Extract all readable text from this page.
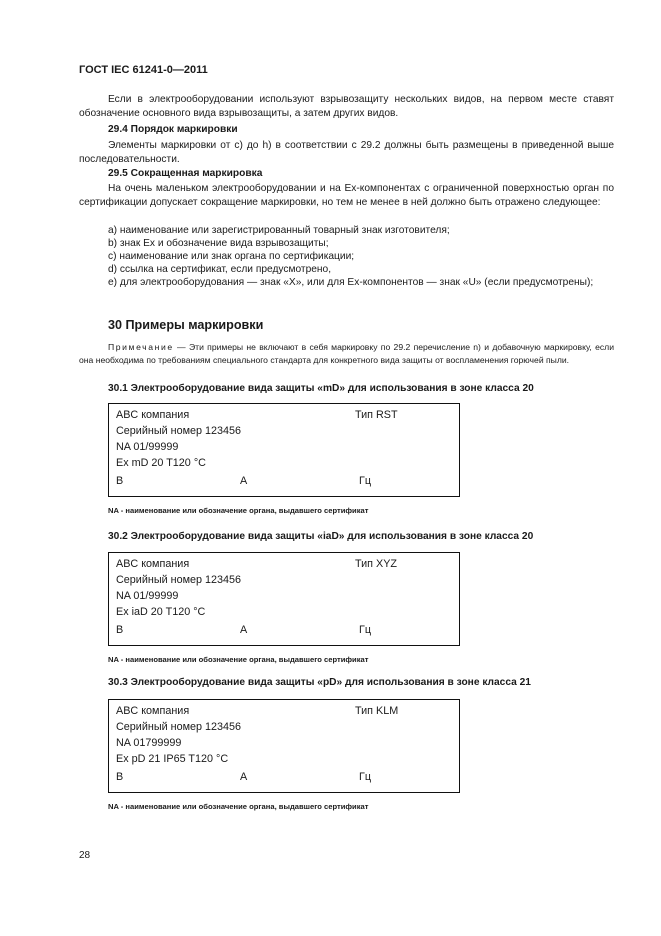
ГОСТ IEC 61241-0—2011
Если в электрооборудовании используют взрывозащиту нескольких видов, на первом месте ставят обозначение основного вида взрывозащиты, а затем других видов.
29.4 Порядок маркировки
Элементы маркировки от c) до h) в соответствии с 29.2 должны быть размещены в приведенной выше последовательности.
29.5 Сокращенная маркировка
На очень маленьком электрооборудовании и на Ex-компонентах с ограниченной поверхностью орган по сертификации допускает сокращение маркировки, но тем не менее в ней должно быть отражено следующее:
a) наименование или зарегистрированный товарный знак изготовителя;
b) знак Ex и обозначение вида взрывозащиты;
c) наименование или знак органа по сертификации;
d) ссылка на сертификат, если предусмотрено,
e) для электрооборудования — знак «X», или для Ex-компонентов — знак «U» (если предусмотрены);
30 Примеры маркировки
Примечание — Эти примеры не включают в себя маркировку по 29.2 перечисление n) и добавочную маркировку, если она необходима по требованиям специального стандарта для конкретного вида защиты от воспламенения горючей пыли.
30.1 Электрооборудование вида защиты «mD» для использования в зоне класса 20
ABC компания	Тип RST
Серийный номер 123456
NA 01/99999
Ex mD 20 T120 °C
B	A	Гц
NA - наименование или обозначение органа, выдавшего сертификат
30.2 Электрооборудование вида защиты «iaD» для использования в зоне класса 20
ABC компания	Тип XYZ
Серийный номер 123456
NA 01/99999
Ex iaD 20 T120 °C
B	A	Гц
NA - наименование или обозначение органа, выдавшего сертификат
30.3 Электрооборудование вида защиты «pD» для использования в зоне класса 21
ABC компания	Тип KLM
Серийный номер 123456
NA 01799999
Ex pD 21 IP65 T120 °C
B	A	Гц
NA - наименование или обозначение органа, выдавшего сертификат
28
